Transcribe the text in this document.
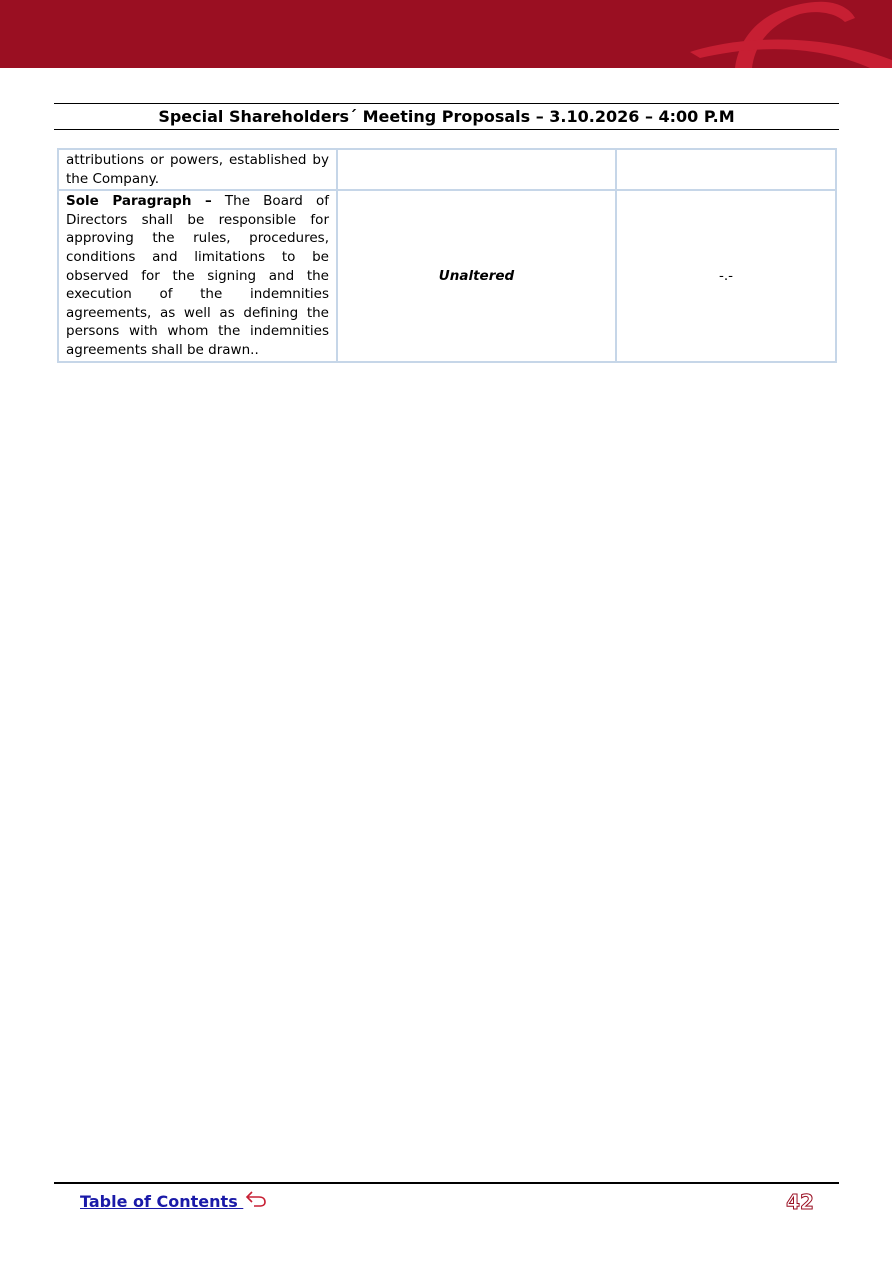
Special Shareholders´ Meeting Proposals – 3.10.2026 – 4:00 P.M
attributions or powers, established by the Company.		
Sole Paragraph – The Board of Directors shall be responsible for approving the rules, procedures, conditions and limitations to be observed for the signing and the execution of the indemnities agreements, as well as defining the persons with whom the indemnities agreements shall be drawn..	Unaltered	-.-
Table of Contents	42
